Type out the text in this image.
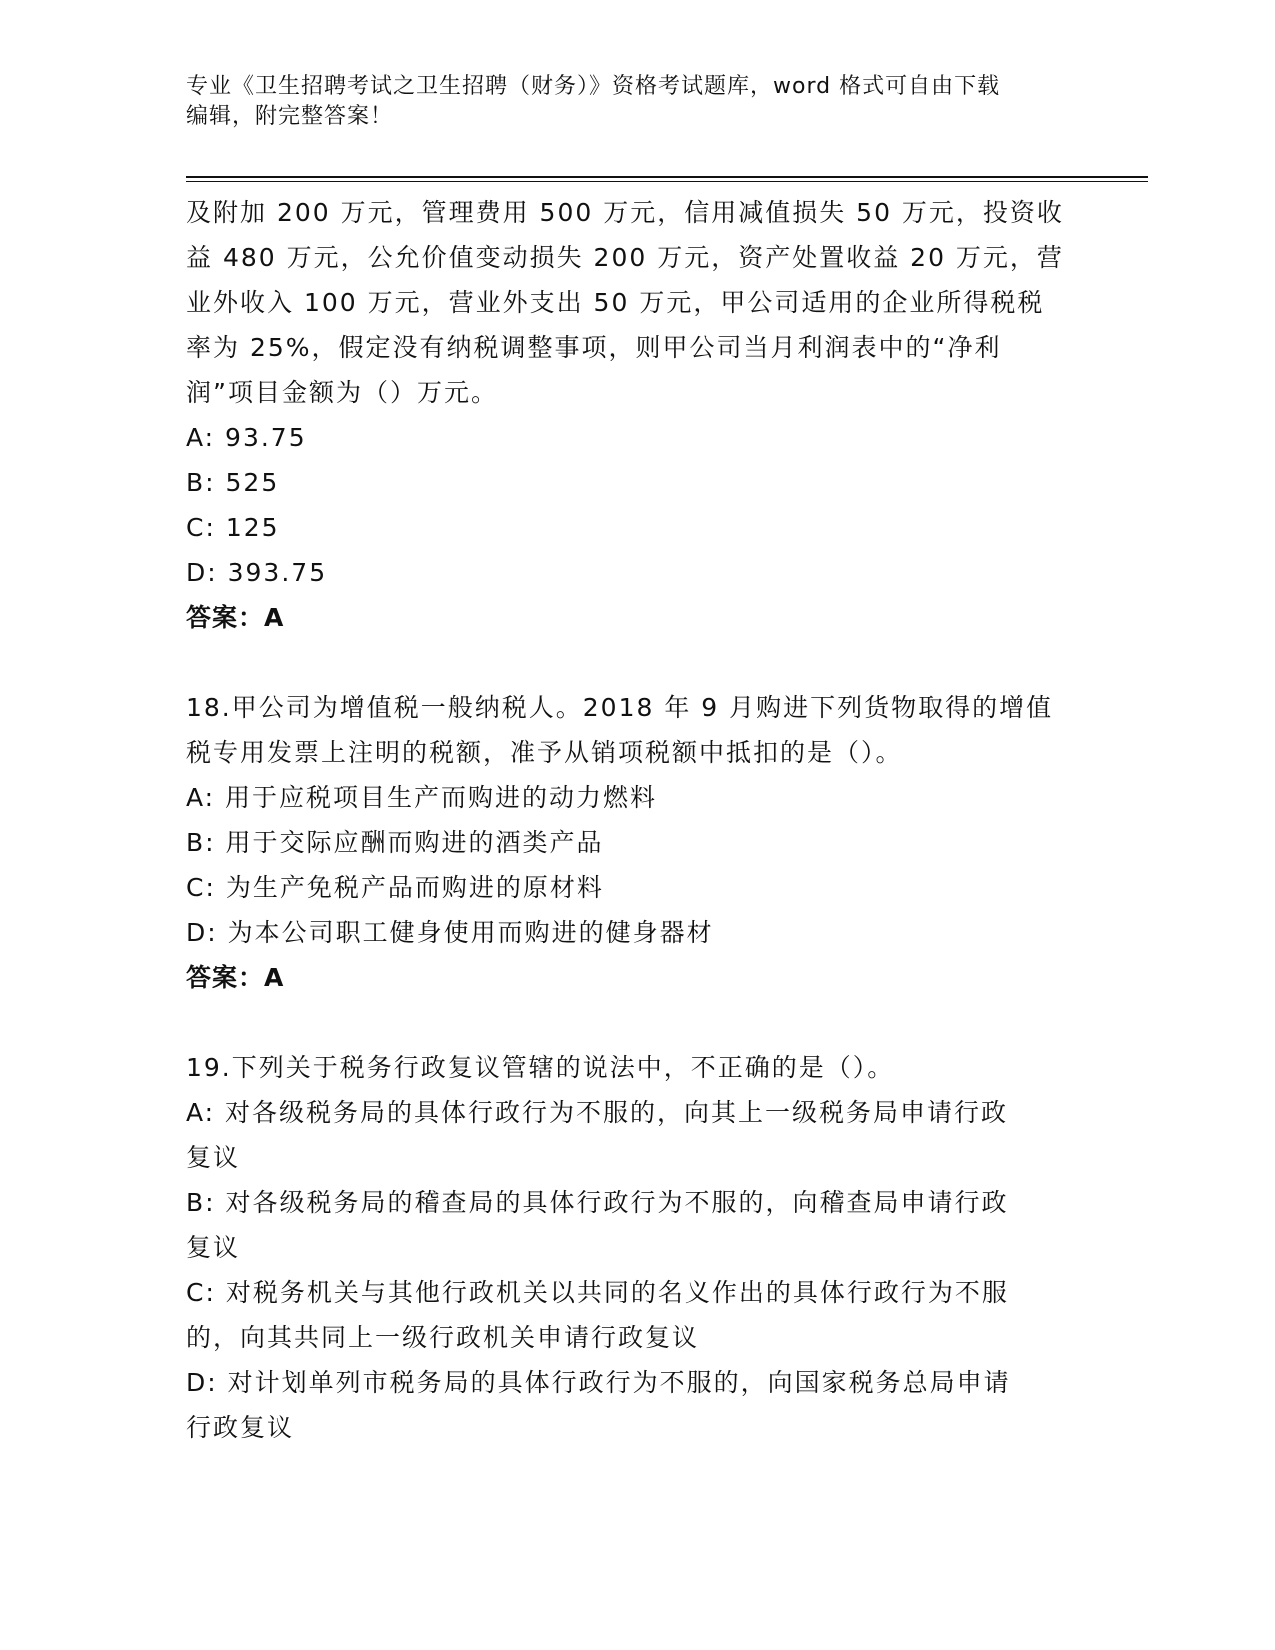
专业《卫生招聘考试之卫生招聘（财务）》资格考试题库，word 格式可自由下载
编辑，附完整答案！
及附加 200 万元，管理费用 500 万元，信用减值损失 50 万元，投资收
益 480 万元，公允价值变动损失 200 万元，资产处置收益 20 万元，营
业外收入 100 万元，营业外支出 50 万元，甲公司适用的企业所得税税
率为 25%，假定没有纳税调整事项，则甲公司当月利润表中的“净利
润”项目金额为（）万元。
A: 93.75
B: 525
C: 125
D: 393.75
答案：A
18.甲公司为增值税一般纳税人。2018 年 9 月购进下列货物取得的增值
税专用发票上注明的税额，准予从销项税额中抵扣的是（）。
A: 用于应税项目生产而购进的动力燃料
B: 用于交际应酬而购进的酒类产品
C: 为生产免税产品而购进的原材料
D: 为本公司职工健身使用而购进的健身器材
答案：A
19.下列关于税务行政复议管辖的说法中，不正确的是（）。
A: 对各级税务局的具体行政行为不服的，向其上一级税务局申请行政
复议
B: 对各级税务局的稽查局的具体行政行为不服的，向稽查局申请行政
复议
C: 对税务机关与其他行政机关以共同的名义作出的具体行政行为不服
的，向其共同上一级行政机关申请行政复议
D: 对计划单列市税务局的具体行政行为不服的，向国家税务总局申请
行政复议
